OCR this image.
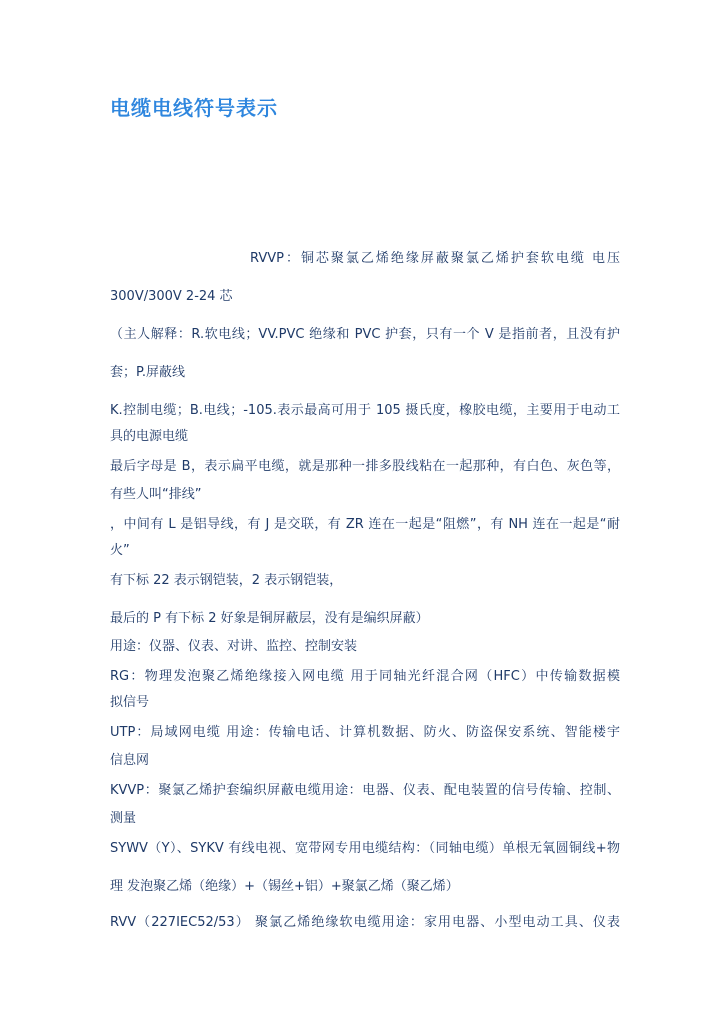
电缆电线符号表示
RVVP：铜芯聚氯乙烯绝缘屏蔽聚氯乙烯护套软电缆 电压
300V/300V 2-24 芯
（主人解释：R.软电线；VV.PVC 绝缘和 PVC 护套，只有一个 V 是指前者，且没有护
套；P.屏蔽线
K.控制电缆；B.电线；-105.表示最高可用于 105 摄氏度，橡胶电缆，主要用于电动工
具的电源电缆
最后字母是 B，表示扁平电缆，就是那种一排多股线粘在一起那种，有白色、灰色等，
有些人叫“排线”
，中间有 L 是铝导线，有 J 是交联，有 ZR 连在一起是“阻燃”，有 NH 连在一起是“耐
火”
有下标 22 表示钢铠装，2 表示钢铠装，
最后的 P 有下标 2 好象是铜屏蔽层，没有是编织屏蔽）
用途：仪器、仪表、对讲、监控、控制安装
RG：物理发泡聚乙烯绝缘接入网电缆 用于同轴光纤混合网（HFC）中传输数据模
拟信号
UTP：局域网电缆 用途：传输电话、计算机数据、防火、防盗保安系统、智能楼宇
信息网
KVVP：聚氯乙烯护套编织屏蔽电缆用途：电器、仪表、配电装置的信号传输、控制、
测量
SYWV（Y）、SYKV 有线电视、宽带网专用电缆结构：（同轴电缆）单根无氧圆铜线+物
理 发泡聚乙烯（绝缘）+（锡丝+铝）+聚氯乙烯（聚乙烯）
RVV（227IEC52/53） 聚氯乙烯绝缘软电缆用途：家用电器、小型电动工具、仪表
